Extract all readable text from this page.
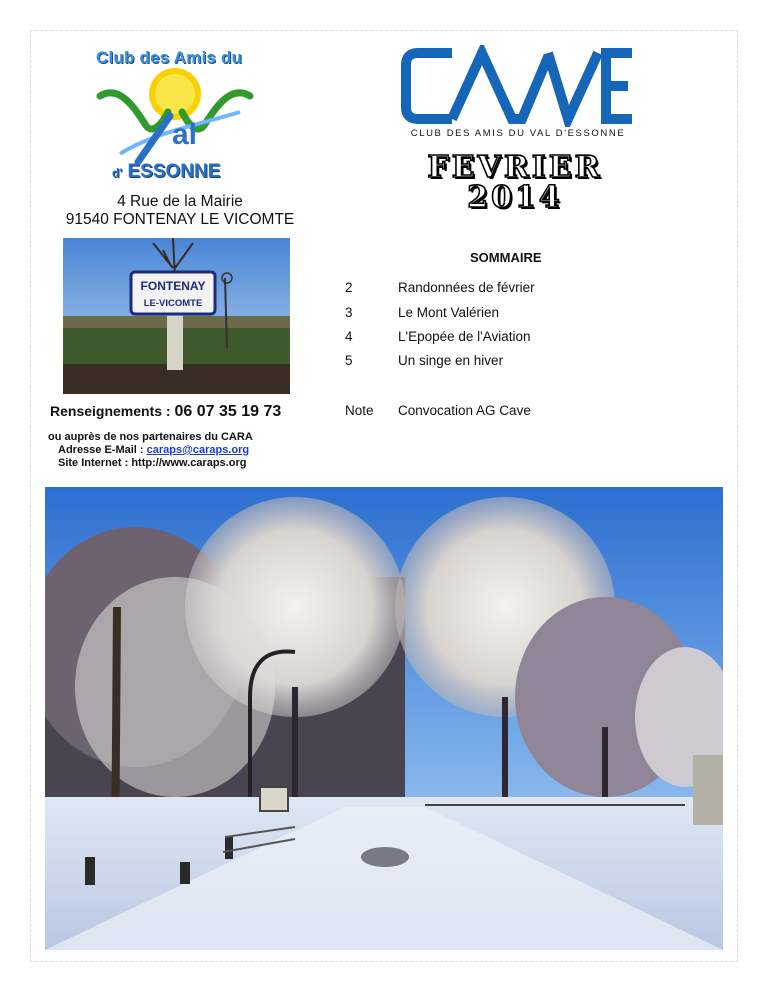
Club des Amis du
al
d' ESSONNE
4 Rue de la Mairie
91540 FONTENAY LE VICOMTE
CLUB DES AMIS DU VAL D'ESSONNE
FEVRIER
2014
FONTENAY
LE-VICOMTE
Renseignements : 06 07 35 19 73
ou auprès de nos partenaires du CARA
Adresse E-Mail : caraps@caraps.org
Site Internet : http://www.caraps.org
SOMMAIRE
2	Randonnées de février
3	Le Mont Valérien
4	L'Epopée de l'Aviation
5	Un singe en hiver
Note Convocation AG Cave
